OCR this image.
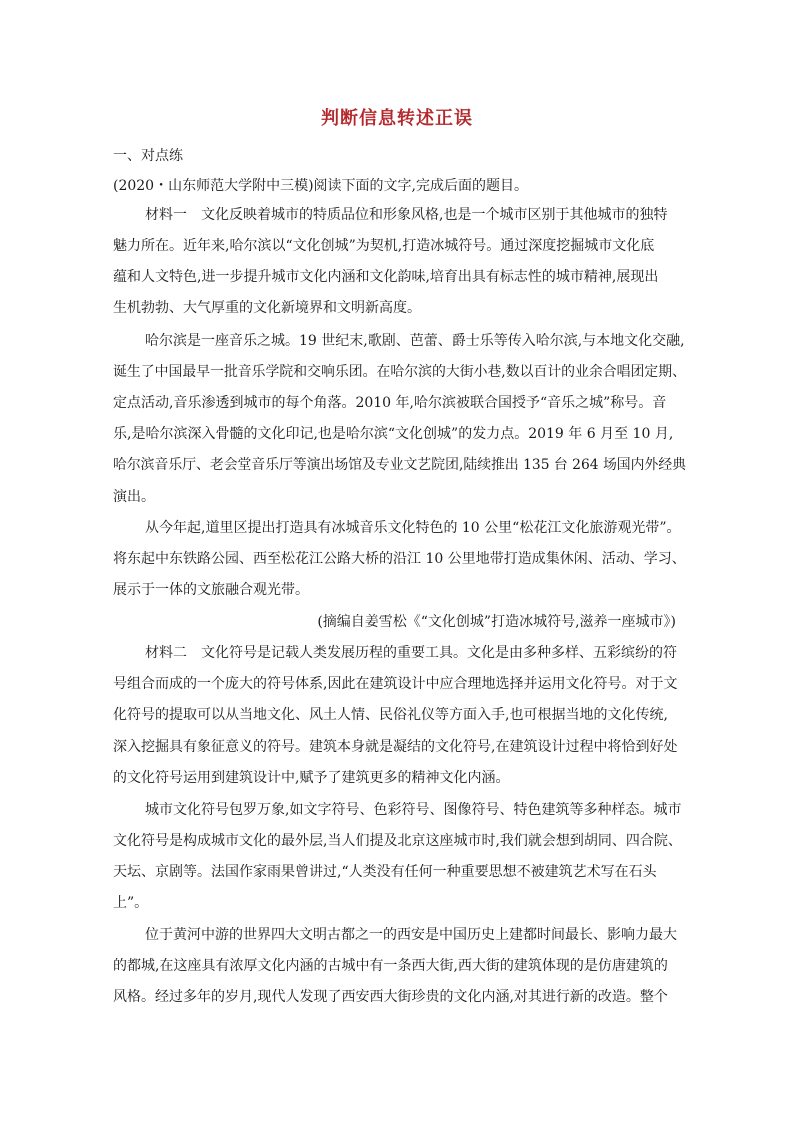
判断信息转述正误
一、对点练
(2020・山东师范大学附中三模)阅读下面的文字,完成后面的题目。
材料一　文化反映着城市的特质品位和形象风格,也是一个城市区别于其他城市的独特
魅力所在。近年来,哈尔滨以“文化创城”为契机,打造冰城符号。通过深度挖掘城市文化底
蕴和人文特色,进一步提升城市文化内涵和文化韵味,培育出具有标志性的城市精神,展现出
生机勃勃、大气厚重的文化新境界和文明新高度。
哈尔滨是一座音乐之城。19 世纪末,歌剧、芭蕾、爵士乐等传入哈尔滨,与本地文化交融,
诞生了中国最早一批音乐学院和交响乐团。在哈尔滨的大街小巷,数以百计的业余合唱团定期、
定点活动,音乐渗透到城市的每个角落。2010 年,哈尔滨被联合国授予“音乐之城”称号。音
乐,是哈尔滨深入骨髓的文化印记,也是哈尔滨“文化创城”的发力点。2019 年 6 月至 10 月,
哈尔滨音乐厅、老会堂音乐厅等演出场馆及专业文艺院团,陆续推出 135 台 264 场国内外经典
演出。
从今年起,道里区提出打造具有冰城音乐文化特色的 10 公里“松花江文化旅游观光带”。
将东起中东铁路公园、西至松花江公路大桥的沿江 10 公里地带打造成集休闲、活动、学习、
展示于一体的文旅融合观光带。
(摘编自姜雪松《“文化创城”打造冰城符号,滋养一座城市》)
材料二　文化符号是记载人类发展历程的重要工具。文化是由多种多样、五彩缤纷的符
号组合而成的一个庞大的符号体系,因此在建筑设计中应合理地选择并运用文化符号。对于文
化符号的提取可以从当地文化、风土人情、民俗礼仪等方面入手,也可根据当地的文化传统,
深入挖掘具有象征意义的符号。建筑本身就是凝结的文化符号,在建筑设计过程中将恰到好处
的文化符号运用到建筑设计中,赋予了建筑更多的精神文化内涵。
城市文化符号包罗万象,如文字符号、色彩符号、图像符号、特色建筑等多种样态。城市
文化符号是构成城市文化的最外层,当人们提及北京这座城市时,我们就会想到胡同、四合院、
天坛、京剧等。法国作家雨果曾讲过,“人类没有任何一种重要思想不被建筑艺术写在石头
上”。
位于黄河中游的世界四大文明古都之一的西安是中国历史上建都时间最长、影响力最大
的都城,在这座具有浓厚文化内涵的古城中有一条西大街,西大街的建筑体现的是仿唐建筑的
风格。经过多年的岁月,现代人发现了西安西大街珍贵的文化内涵,对其进行新的改造。整个
